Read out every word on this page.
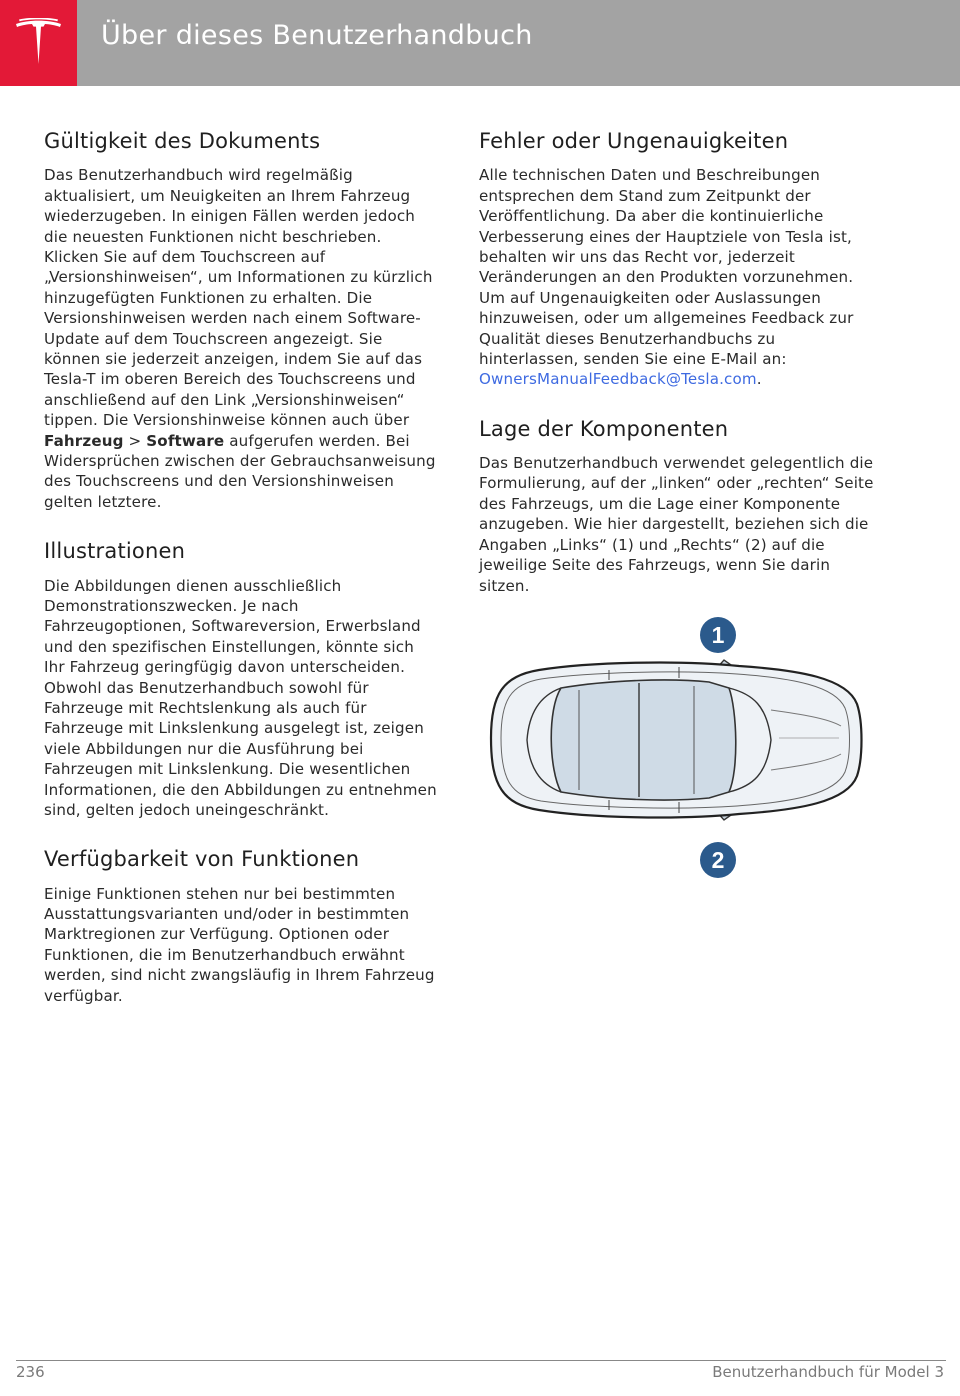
Über dieses Benutzerhandbuch
Gültigkeit des Dokuments

Das Benutzerhandbuch wird regelmäßig aktualisiert, um Neuigkeiten an Ihrem Fahrzeug wiederzugeben. In einigen Fällen werden jedoch die neuesten Funktionen nicht beschrieben. Klicken Sie auf dem Touchscreen auf „Versionshinweisen“, um Informationen zu kürzlich hinzugefügten Funktionen zu erhalten. Die Versionshinweisen werden nach einem Software-Update auf dem Touchscreen angezeigt. Sie können sie jederzeit anzeigen, indem Sie auf das Tesla-T im oberen Bereich des Touchscreens und anschließend auf den Link „Versionshinweisen“ tippen. Die Versionshinweise können auch über
Fahrzeug > Software aufgerufen werden. Bei Widersprüchen zwischen der Gebrauchsanweisung des Touchscreens und den Versionshinweisen gelten letztere.

Illustrationen

Die Abbildungen dienen ausschließlich Demonstrationszwecken. Je nach Fahrzeugoptionen, Softwareversion, Erwerbsland und den spezifischen Einstellungen, könnte sich Ihr Fahrzeug geringfügig davon unterscheiden. Obwohl das Benutzerhandbuch sowohl für Fahrzeuge mit Rechtslenkung als auch für Fahrzeuge mit Linkslenkung ausgelegt ist, zeigen viele Abbildungen nur die Ausführung bei Fahrzeugen mit Linkslenkung. Die wesentlichen Informationen, die den Abbildungen zu entnehmen sind, gelten jedoch uneingeschränkt.

Verfügbarkeit von Funktionen

Einige Funktionen stehen nur bei bestimmten Ausstattungsvarianten und/oder in bestimmten Marktregionen zur Verfügung. Optionen oder Funktionen, die im Benutzerhandbuch erwähnt werden, sind nicht zwangsläufig in Ihrem Fahrzeug verfügbar.

Fehler oder Ungenauigkeiten

Alle technischen Daten und Beschreibungen entsprechen dem Stand zum Zeitpunkt der Veröffentlichung. Da aber die kontinuierliche Verbesserung eines der Hauptziele von Tesla ist, behalten wir uns das Recht vor, jederzeit Veränderungen an den Produkten vorzunehmen. Um auf Ungenauigkeiten oder Auslassungen hinzuweisen, oder um allgemeines Feedback zur Qualität dieses Benutzerhandbuchs zu hinterlassen, senden Sie eine E-Mail an:
OwnersManualFeedback@Tesla.com.

Lage der Komponenten

Das Benutzerhandbuch verwendet gelegentlich die Formulierung, auf der „linken“ oder „rechten“ Seite des Fahrzeugs, um die Lage einer Komponente anzugeben. Wie hier dargestellt, beziehen sich die Angaben „Links“ (1) und „Rechts“ (2) auf die jeweilige Seite des Fahrzeugs, wenn Sie darin sitzen.

1
2
236	Benutzerhandbuch für Model 3
